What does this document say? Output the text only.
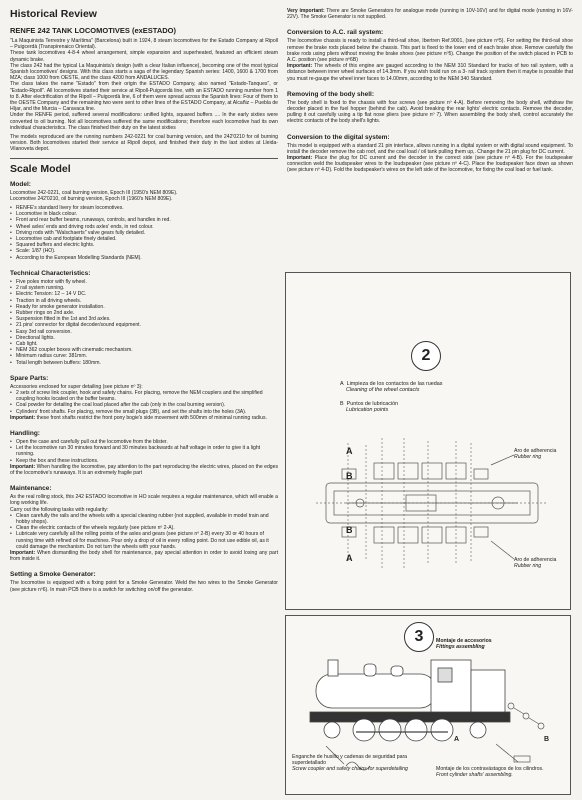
Historical Review
RENFE 242 TANK LOCOMOTIVES (exESTADO)

"La Maquinista Terrestre y Marítima" (Barcelona) built in 1924, 8 steam locomotives for the Estado Company at Ripoll – Puigcerdà (Transpirenaico Oriental).

These tank locomotives 4-8-4 wheel arrangement, simple expansion and superheated, featured an efficient steam dynamic brake.

The class 242 had the typical La Maquinista's design (with a clear Italian influence), becoming one of the most typical Spanish locomotives' designs. With this class starts a saga of the legendary Spanish series: 1400, 1600 & 1700 from MZA; class 1000 from OESTE, and the class 4200 from ANDALUCES.

The class takes the name "Estado" from their origin the ESTADO Company, also named "Estado-Tanques", or "Estado-Ripoll". All locomotives started their service at Ripoll-Puigcerdà line, with an ESTADO running number from 1 to 8. After electrification of the Ripoll – Puigcerdà line, 6 of them were spread across the Spanish lines: Four of them to the OESTE Company and the remaining two were sent to other lines of the ESTADO Company, at Alcañiz – Puebla de Híjar, and the Murcia – Caravaca line.

Under the RENFE period, suffered several modifications: unified lights, squared buffers .... In the early sixties were converted to oil burning. Not all locomotives suffered the same modifications; therefore each locomotive had its own individual characteristics. The class finished their duty on the latest sixties

The models reproduced are the running numbers 242-0221 for coal burning version, and the 242'0210 for oil burning version. Both locomotives started their service at Ripoll depot, and finished their duty in the last sixties at Lleida-Vilanoveta depot.

Scale Model
Model:

Locomotive 242-0221, coal burning version, Epoch III (1950's NEM 809E).

Locomotive 242'0210, oil burning version, Epoch III (1960's NEM 809E).

• RENFE's standard livery for steam locomotives.
• Locomotive in black colour.
• Front and rear buffer beams, runaways, controls, and handles in red.
• Wheel axles' ends and driving rods axles' ends, in red colour.
• Driving rods with "Walschaerts" valve gears fully detailed.
• Locomotive cab and footplate finely detailed.
• Squared buffers and electric lights.
• Scale: 1/87 (HO).
• According to the European Modelling Standards (NEM).
Technical Characteristics:
• Five poles motor with fly wheel.
• 2 rail system running.
• Electric Tension: 12 – 14 V DC.
• Traction in all driving wheels.
• Ready for smoke generator installation.
• Rubber rings on 2nd axle.
• Suspension fitted in the 1st and 3rd axles.
• 21 pins' connector for digital decoder/sound equipment.
• Easy 3rd rail conversion.
• Directional lights.
• Cab light.
• NEM 362 coupler boxes with cinematic mechanism.
• Minimum radius curve: 381mm.
• Total length between buffers: 180mm.
Spare Parts:

Accessories enclosed for super detailing (see picture nº 3):

• 2 sets of screw link coupler, hook and safety chains. For placing, remove the NEM couplers and the simplified coupling hooks located on the buffer beams.
• Coal powder for detailing the coal load placed after the cab (only in the coal burning version).
• Cylinders' front shafts. For placing, remove the small plugs (3B), and set the shafts into the holes (3A).

Important: these front shafts restrict the front pony bogie's side movement with 500mm of minimal running radius.

Handling:
• Open the case and carefully pull out the locomotive from the blister.
• Let the locomotive run 30 minutes forward and 30 minutes backwards at half voltage in order to give it a light running.
• Keep the box and these instructions.

Important: When handling the locomotive, pay attention to the part reproducing the electric wires, placed on the edges of the locomotive's runaways. It is an extremely fragile part

Maintenance:

As the real rolling stock, this 242 ESTADO locomotive in HO scale requires a regular maintenance, which will enable a long working life.

Carry out the following tasks with regularity:

• Clean carefully the rails and the wheels with a special cleaning rubber (not supplied, available in model train and hobby shops).
• Clean the electric contacts of the wheels regularly (see picture nº 2-A).
• Lubricate very carefully all the rolling points of the axles and gears (see picture nº 2-B) every 30 or 40 hours of running time with refined oil for machines. Pour only a drop of oil in every rolling point. Do not use edible oil, as it could damage the mechanism. Do not turn the wheels with your hands.

Important: When dismantling the body shell for maintenance, pay special attention in order to avoid losing any part from inside it.

Setting a Smoke Generator:

The locomotive is equipped with a fixing point for a Smoke Generator. Weld the two wires to the Smoke Generator (see picture nº6). In main PCB there is a switch for switching on/off the generator.

Very important: There are Smoke Generators for analogue mode (running in 10V-16V) and for digital mode (running in 16V-22V). The Smoke Generator is not supplied.

Conversion to A.C. rail system:

The locomotive chassis is ready to install a third-rail shoe, Ibertren Ref.9001, (see picture nº5). For setting the third-rail shoe remove the brake rods placed below the chassis. This part is fixed to the lower end of each brake shoe. Remove carefully the brake rods using pliers without moving the brake shoes (see picture nº5). Change the position of the switch placed in PCB to A.C. position (see picture nº6B)

Important: The wheels of this engine are gauged according to the NEM 310 Standard for tracks of two rail system, with a distance between inner wheel surfaces of 14.3mm. If you wish tould run on a 3- rail track system then it maybe is possible that you must re-gauge the wheel inner faces to 14.00mm, according to the NEM 340 Standard.

Removing of the body shell:

The body shell is fixed to the chassis with four screws (see picture nº 4-A). Before removing the body shell, withdraw the decoder placed in the fuel hopper (behind the cab). Avoid breaking the rear lights' electric contacts. Remove the decoder, pulling it out carefully using a tip flat nose pliers (see picture nº 7). When assembling the body shell, control accurately the electric contacts of the body shell's lights.

Conversion to the digital system:

This model is equipped with a standard 21 pin interface, allows running in a digital system or with digital sound equipment. To install the decoder remove the cab roof, and the coal load / oil tank pulling them up,. Change the 21 pin plug for DC current.

Important: Place the plug for DC current and the decoder in the correct side (see picture nº 4-B). For the loudspeaker connection weld the loudspeaker wires to the loudspeaker (see picture nº 4-C). Place the loudspeaker face down as shown (see picture nº 4-D). Fold the loudspeaker's wires on the left side of the locomotive, for fixing the coal load or fuel tank.

2
A Limpieza de los contactos de las ruedas
Cleaning of the wheel contacts
B Puntos de lubricación
Lubrication points
A
B
B
A
Aro de adherencia
Rubber ring
Aro de adherencia
Rubber ring
3	Montaje de accesorios
Fittings assembling
A	B
Enganche de husillo y cadenas de seguridad para superdetallado
Screw coupler and safety chains for superdetailing	Montaje de los contravástagos de los cilindros.
Front cylinder shafts' assembling.
